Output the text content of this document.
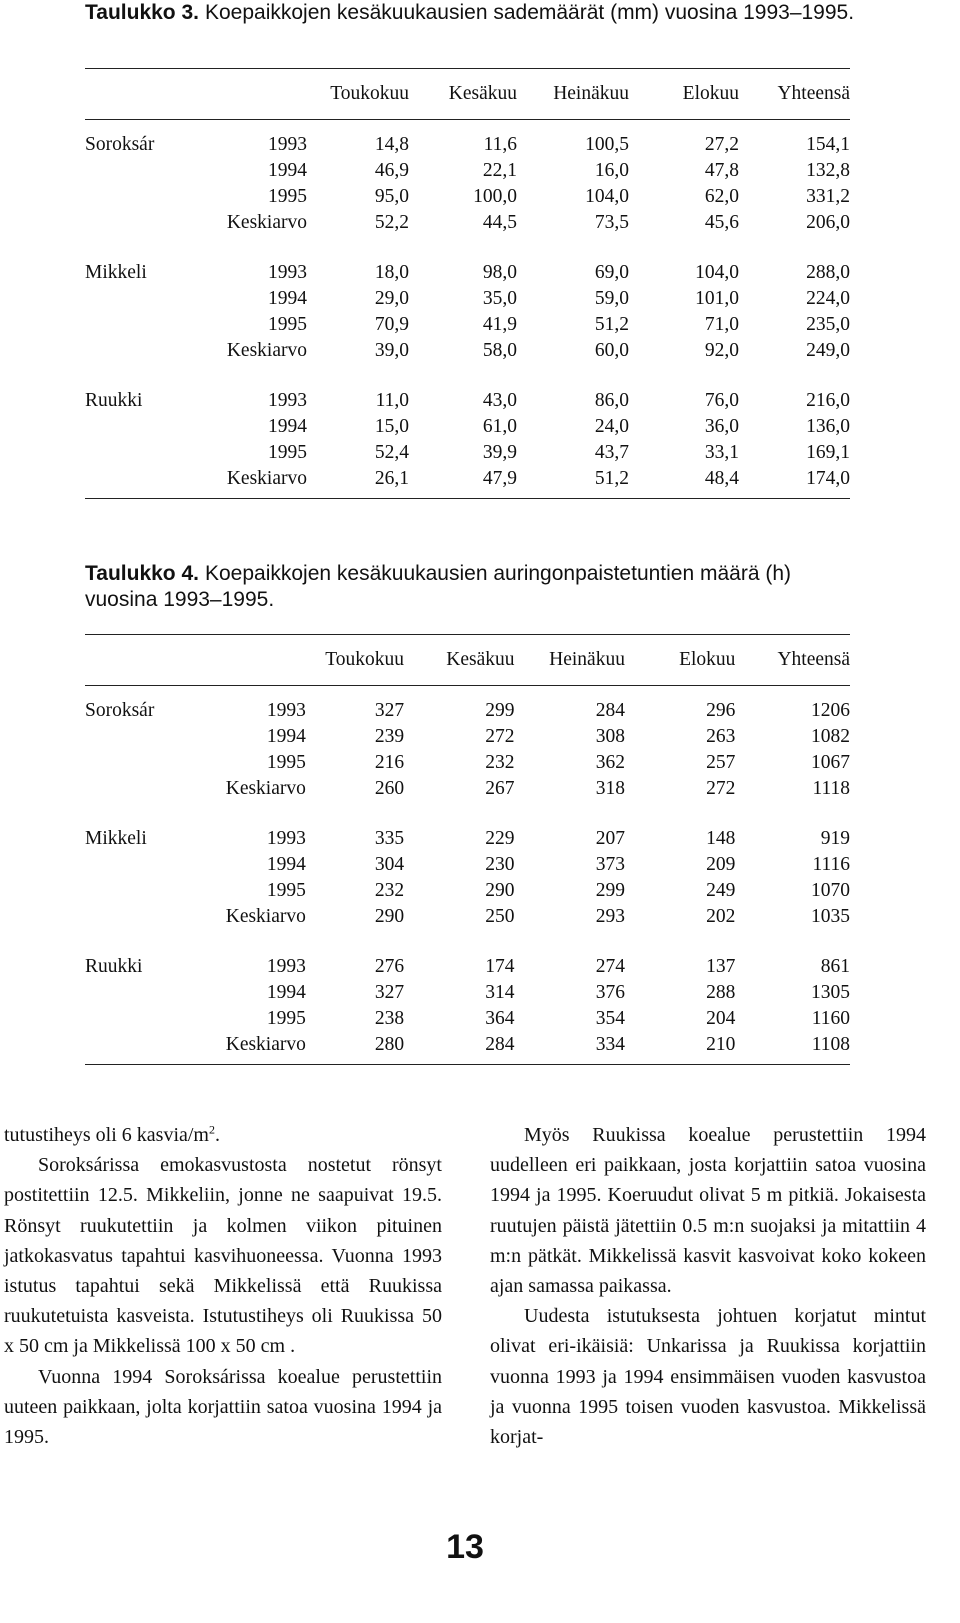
Taulukko 3. Koepaikkojen kesäkuukausien sademäärät (mm) vuosina 1993–1995.
		Toukokuu	Kesäkuu	Heinäkuu	Elokuu	Yhteensä
Soroksár	1993	14,8	11,6	100,5	27,2	154,1
	1994	46,9	22,1	16,0	47,8	132,8
	1995	95,0	100,0	104,0	62,0	331,2
	Keskiarvo	52,2	44,5	73,5	45,6	206,0
Mikkeli	1993	18,0	98,0	69,0	104,0	288,0
	1994	29,0	35,0	59,0	101,0	224,0
	1995	70,9	41,9	51,2	71,0	235,0
	Keskiarvo	39,0	58,0	60,0	92,0	249,0
Ruukki	1993	11,0	43,0	86,0	76,0	216,0
	1994	15,0	61,0	24,0	36,0	136,0
	1995	52,4	39,9	43,7	33,1	169,1
	Keskiarvo	26,1	47,9	51,2	48,4	174,0
Taulukko 4. Koepaikkojen kesäkuukausien auringonpaistetuntien määrä (h) vuosina 1993–1995.
		Toukokuu	Kesäkuu	Heinäkuu	Elokuu	Yhteensä
Soroksár	1993	327	299	284	296	1206
	1994	239	272	308	263	1082
	1995	216	232	362	257	1067
	Keskiarvo	260	267	318	272	1118
Mikkeli	1993	335	229	207	148	919
	1994	304	230	373	209	1116
	1995	232	290	299	249	1070
	Keskiarvo	290	250	293	202	1035
Ruukki	1993	276	174	274	137	861
	1994	327	314	376	288	1305
	1995	238	364	354	204	1160
	Keskiarvo	280	284	334	210	1108

tutustiheys oli 6 kasvia/$m^2$.

Soroksárissa emokasvustosta nostetut rönsyt postitettiin 12.5. Mikkeliin, jonne ne saapuivat 19.5. Rönsyt ruukutettiin ja kolmen viikon pituinen jatkokasvatus tapahtui kasvihuoneessa. Vuonna 1993 istutus tapahtui sekä Mikkelissä että Ruukissa ruukutetuista kasveista. Istutustiheys oli Ruukissa 50 x 50 cm ja Mikkelissä 100 x 50 cm .

Vuonna 1994 Soroksárissa koealue perustettiin uuteen paikkaan, jolta korjattiin satoa vuosina 1994 ja 1995.

Myös Ruukissa koealue perustettiin 1994 uudelleen eri paikkaan, josta korjattiin satoa vuosina 1994 ja 1995. Koeruudut olivat 5 m pitkiä. Jokaisesta ruutujen päistä jätettiin 0.5 m:n suojaksi ja mitattiin 4 m:n pätkät. Mikkelissä kasvit kasvoivat koko kokeen ajan samassa paikassa.

Uudesta istutuksesta johtuen korjatut mintut olivat eri-ikäisiä: Unkarissa ja Ruukissa korjattiin vuonna 1993 ja 1994 ensimmäisen vuoden kasvustoa ja vuonna 1995 toisen vuoden kasvustoa. Mikkelissä korjat-

13
